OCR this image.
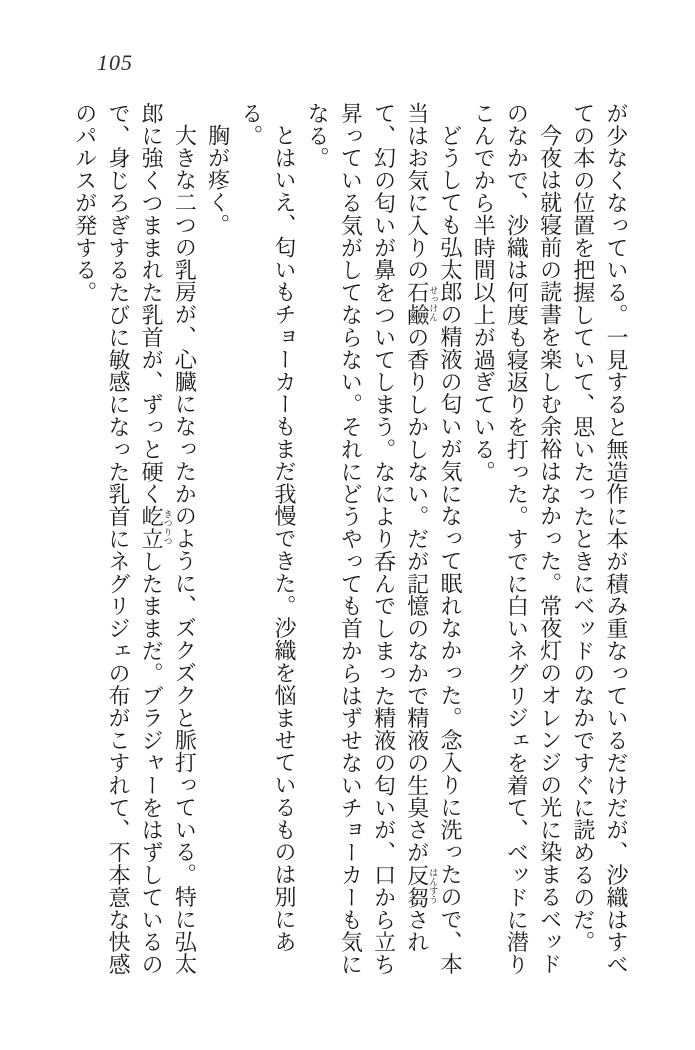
105

が少なくなっている。一見すると無造作に本が積み重なっているだけだが、沙織はすべての本の位置を把握していて、思いたったときにベッドのなかですぐに読めるのだ。

今夜は就寝前の読書を楽しむ余裕はなかった。常夜灯のオレンジの光に染まるベッドのなかで、沙織は何度も寝返りを打った。すでに白いネグリジェを着て、ベッドに潜りこんでから半時間以上が過ぎている。

どうしても弘太郎の精液の匂いが気になって眠れなかった。念入りに洗ったので、本当はお気に入りの石鹼せっけんの香りしかしない。だが記憶のなかで精液の生臭さが反芻はんすうされて、幻の匂いが鼻をついてしまう。なにより呑んでしまった精液の匂いが、口から立ち昇っている気がしてならない。それにどうやっても首からはずせないチョーカーも気になる。

とはいえ、匂いもチョーカーもまだ我慢できた。沙織を悩ませているものは別にある。

胸が疼く。

大きな二つの乳房が、心臓になったかのように、ズクズクと脈打っている。特に弘太郎に強くつままれた乳首が、ずっと硬く屹立きつりつしたままだ。ブラジャーをはずしているので、身じろぎするたびに敏感になった乳首にネグリジェの布がこすれて、不本意な快感のパルスが発する。
